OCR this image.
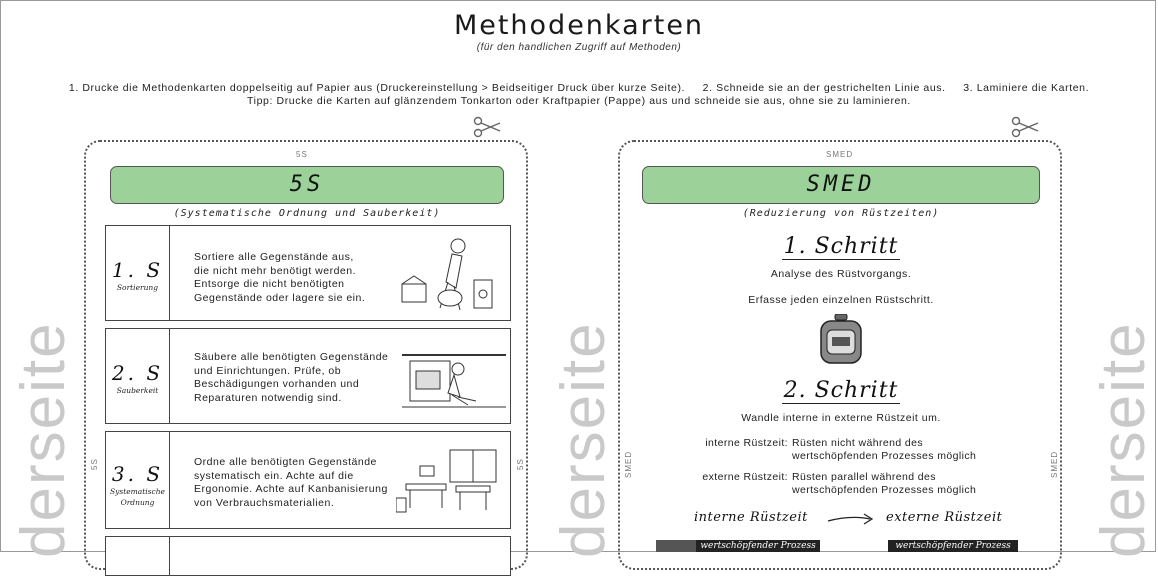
Methodenkarten
(für den handlichen Zugriff auf Methoden)
1. Drucke die Methodenkarten doppelseitig auf Papier aus (Druckereinstellung > Beidseitiger Druck über kurze Seite).     2. Schneide sie an der gestrichelten Linie aus.     3. Laminiere die Karten.
Tipp: Drucke die Karten auf glänzendem Tonkarton oder Kraftpapier (Pappe) aus und schneide sie aus, ohne sie zu laminieren.
derseite	derseite	derseite
5S
5S	5S
5S
(Systematische Ordnung und Sauberkeit)
1. S
Sortierung
Sortiere alle Gegenstände aus,
die nicht mehr benötigt werden.
Entsorge die nicht benötigten
Gegenstände oder lagere sie ein.
2. S
Sauberkeit
Säubere alle benötigten Gegenstände
und Einrichtungen. Prüfe, ob
Beschädigungen vorhanden und
Reparaturen notwendig sind.
3. S
Systematische Ordnung
Ordne alle benötigten Gegenstände
systematisch ein. Achte auf die
Ergonomie. Achte auf Kanbanisierung
von Verbrauchsmaterialien.
SMED
SMED	SMED
SMED
(Reduzierung von Rüstzeiten)
1. Schritt
Analyse des Rüstvorgangs.
Erfasse jeden einzelnen Rüstschritt.
2. Schritt
Wandle interne in externe Rüstzeit um.
interne Rüstzeit: Rüsten nicht während des
wertschöpfenden Prozesses möglich
externe Rüstzeit: Rüsten parallel während des
wertschöpfenden Prozesses möglich
interne Rüstzeit	externe Rüstzeit
wertschöpfender Prozess	wertschöpfender Prozess
